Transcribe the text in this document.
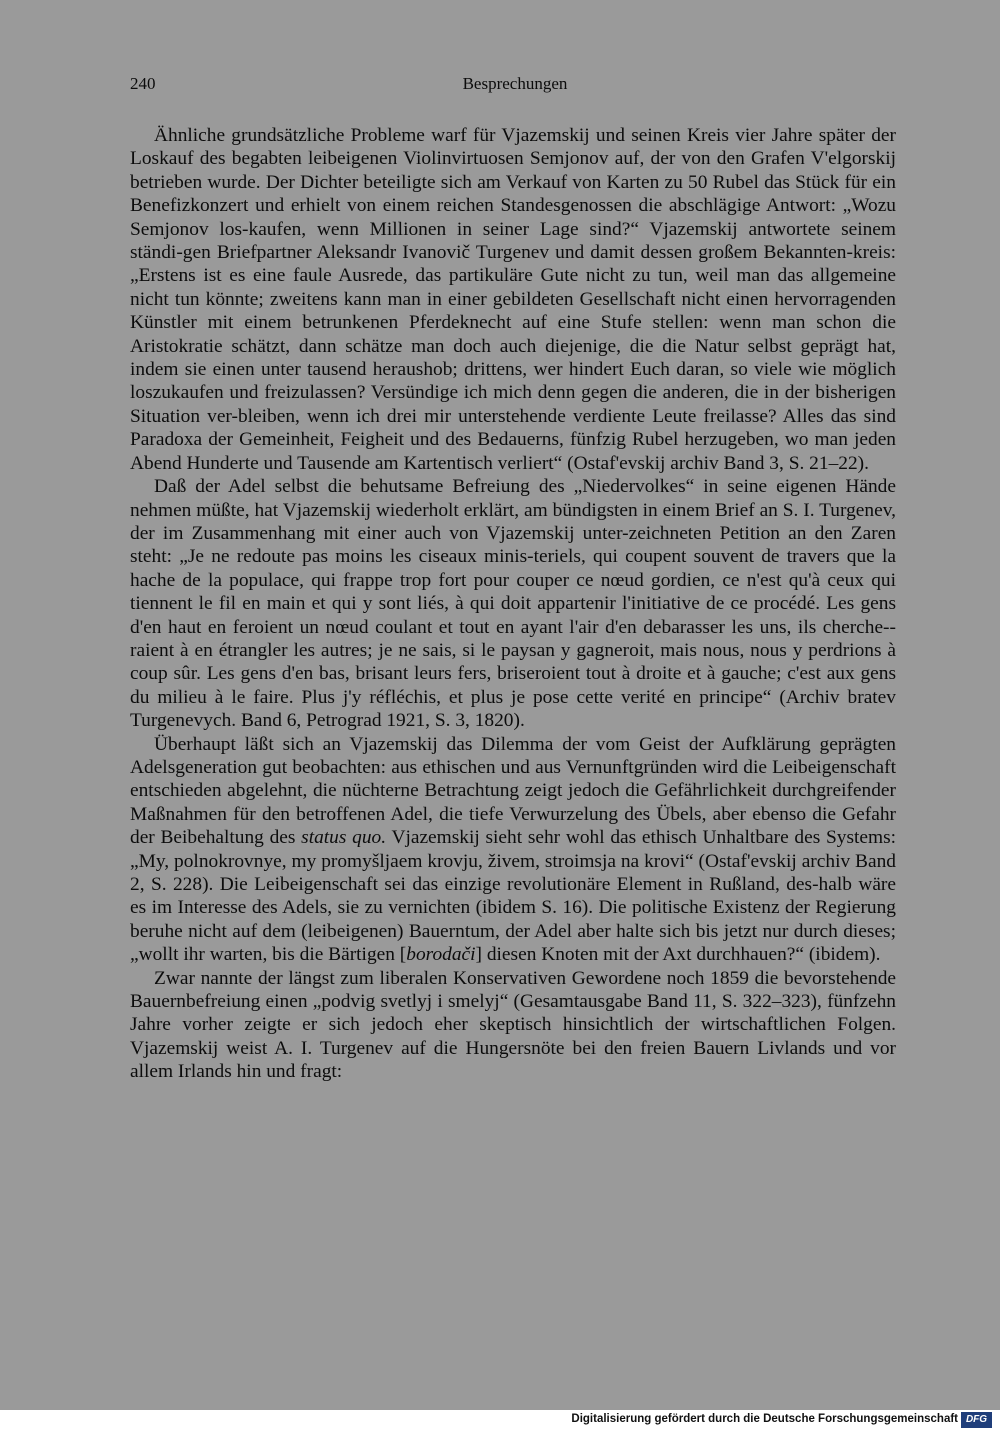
240	Besprechungen

Ähnliche grundsätzliche Probleme warf für Vjazemskij und seinen Kreis vier Jahre später der Loskauf des begabten leibeigenen Violinvirtuosen Semjonov auf, der von den Grafen V'elgorskij betrieben wurde. Der Dichter beteiligte sich am Verkauf von Karten zu 50 Rubel das Stück für ein Benefizkonzert und erhielt von einem reichen Standesgenossen die abschlägige Antwort: „Wozu Semjonov los-kaufen, wenn Millionen in seiner Lage sind?“ Vjazemskij antwortete seinem ständi-gen Briefpartner Aleksandr Ivanovič Turgenev und damit dessen großem Bekannten-kreis: „Erstens ist es eine faule Ausrede, das partikuläre Gute nicht zu tun, weil man das allgemeine nicht tun könnte; zweitens kann man in einer gebildeten Gesellschaft nicht einen hervorragenden Künstler mit einem betrunkenen Pferdeknecht auf eine Stufe stellen: wenn man schon die Aristokratie schätzt, dann schätze man doch auch diejenige, die die Natur selbst geprägt hat, indem sie einen unter tausend heraushob; drittens, wer hindert Euch daran, so viele wie möglich loszukaufen und freizulassen? Versündige ich mich denn gegen die anderen, die in der bisherigen Situation ver-bleiben, wenn ich drei mir unterstehende verdiente Leute freilasse? Alles das sind Paradoxa der Gemeinheit, Feigheit und des Bedauerns, fünfzig Rubel herzugeben, wo man jeden Abend Hunderte und Tausende am Kartentisch verliert“ (Ostaf'evskij archiv Band 3, S. 21–22).

Daß der Adel selbst die behutsame Befreiung des „Niedervolkes“ in seine eigenen Hände nehmen müßte, hat Vjazemskij wiederholt erklärt, am bündigsten in einem Brief an S. I. Turgenev, der im Zusammenhang mit einer auch von Vjazemskij unter-zeichneten Petition an den Zaren steht: „Je ne redoute pas moins les ciseaux minis-teriels, qui coupent souvent de travers que la hache de la populace, qui frappe trop fort pour couper ce nœud gordien, ce n'est qu'à ceux qui tiennent le fil en main et qui y sont liés, à qui doit appartenir l'initiative de ce procédé. Les gens d'en haut en feroient un nœud coulant et tout en ayant l'air d'en debarasser les uns, ils cherche-raient à en étrangler les autres; je ne sais, si le paysan y gagneroit, mais nous, nous y perdrions à coup sûr. Les gens d'en bas, brisant leurs fers, briseroient tout à droite et à gauche; c'est aux gens du milieu à le faire. Plus j'y réfléchis, et plus je pose cette verité en principe“ (Archiv bratev Turgenevych. Band 6, Petrograd 1921, S. 3, 1820).

Überhaupt läßt sich an Vjazemskij das Dilemma der vom Geist der Aufklärung geprägten Adelsgeneration gut beobachten: aus ethischen und aus Vernunftgründen wird die Leibeigenschaft entschieden abgelehnt, die nüchterne Betrachtung zeigt jedoch die Gefährlichkeit durchgreifender Maßnahmen für den betroffenen Adel, die tiefe Verwurzelung des Übels, aber ebenso die Gefahr der Beibehaltung des status quo. Vjazemskij sieht sehr wohl das ethisch Unhaltbare des Systems: „My, polnokrovnye, my promyšljaem krovju, živem, stroimsja na krovi“ (Ostaf'evskij archiv Band 2, S. 228). Die Leibeigenschaft sei das einzige revolutionäre Element in Rußland, des-halb wäre es im Interesse des Adels, sie zu vernichten (ibidem S. 16). Die politische Existenz der Regierung beruhe nicht auf dem (leibeigenen) Bauerntum, der Adel aber halte sich bis jetzt nur durch dieses; „wollt ihr warten, bis die Bärtigen [borodači] diesen Knoten mit der Axt durchhauen?“ (ibidem).

Zwar nannte der längst zum liberalen Konservativen Gewordene noch 1859 die bevorstehende Bauernbefreiung einen „podvig svetlyj i smelyj“ (Gesamtausgabe Band 11, S. 322–323), fünfzehn Jahre vorher zeigte er sich jedoch eher skeptisch hinsichtlich der wirtschaftlichen Folgen. Vjazemskij weist A. I. Turgenev auf die Hungersnöte bei den freien Bauern Livlands und vor allem Irlands hin und fragt:

Digitalisierung gefördert durch die Deutsche Forschungsgemeinschaft DFG
